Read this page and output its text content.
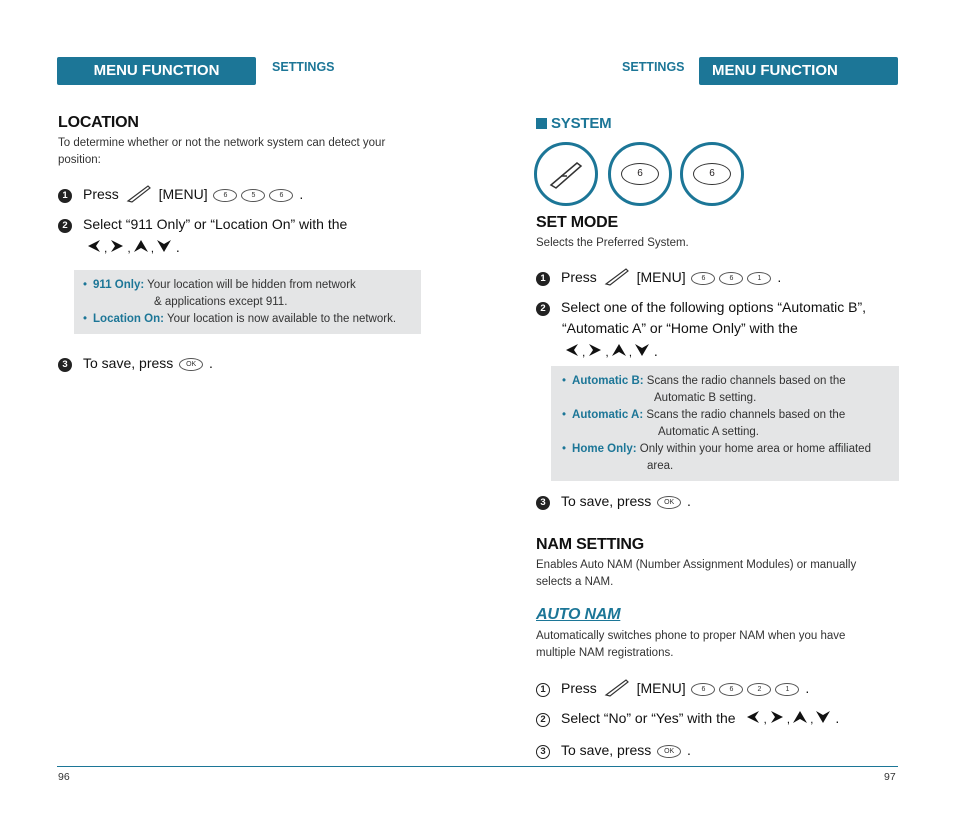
MENU FUNCTION	SETTINGS
LOCATION
To determine whether or not the network system can detect your
position:
1 Press	[MENU] 6	5	6 .
2 Select “911 Only” or “Location On” with the
, , , .
• 911 Only: Your location will be hidden from network
& applications except 911.
• Location On: Your location is now available to the network.
3 To save, press OK .
SETTINGS	MENU FUNCTION
SYSTEM
6	6
SET MODE
Selects the Preferred System.
1 Press	[MENU] 6	6	1 .
2 Select one of the following options “Automatic B”,
“Automatic A” or “Home Only” with the
, , , .
• Automatic B: Scans the radio channels based on the
Automatic B setting.
• Automatic A: Scans the radio channels based on the
Automatic A setting.
• Home Only: Only within your home area or home affiliated
area.
3 To save, press OK .
NAM SETTING
Enables Auto NAM (Number Assignment Modules) or manually
selects a NAM.
AUTO NAM
Automatically switches phone to proper NAM when you have
multiple NAM registrations.
1 Press	[MENU] 6	6	2	1 .
2 Select “No” or “Yes” with the , , , .
3 To save, press OK .
96	97
